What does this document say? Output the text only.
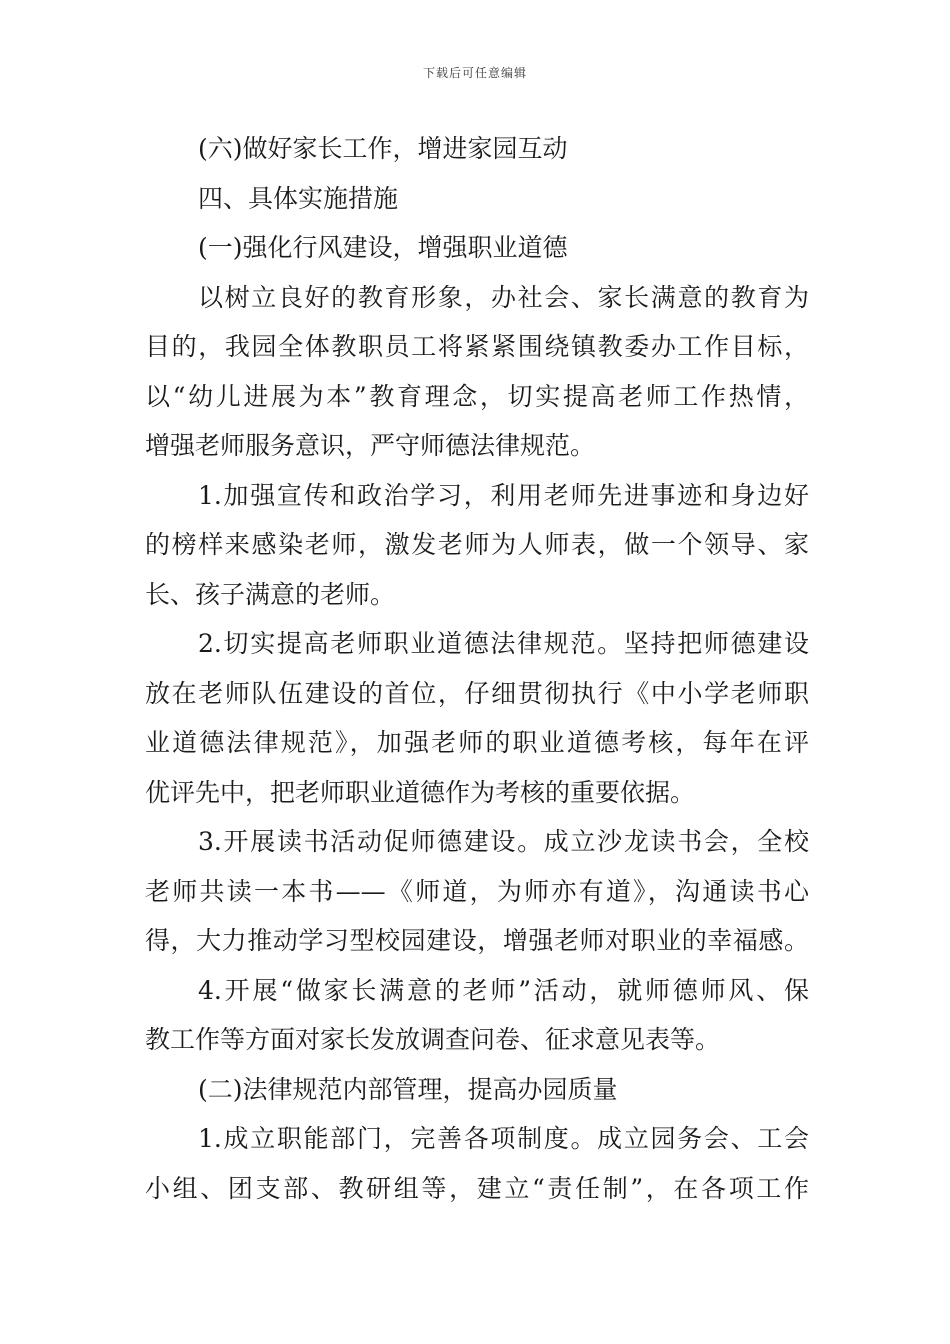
下载后可任意编辑
(六)做好家长工作，增进家园互动
四、具体实施措施
(一)强化行风建设，增强职业道德
以树立良好的教育形象，办社会、家长满意的教育为
目的，我园全体教职员工将紧紧围绕镇教委办工作目标，
以“幼儿进展为本”教育理念，切实提高老师工作热情，
增强老师服务意识，严守师德法律规范。
1.加强宣传和政治学习，利用老师先进事迹和身边好
的榜样来感染老师，激发老师为人师表，做一个领导、家
长、孩子满意的老师。
2.切实提高老师职业道德法律规范。坚持把师德建设
放在老师队伍建设的首位，仔细贯彻执行《中小学老师职
业道德法律规范》，加强老师的职业道德考核，每年在评
优评先中，把老师职业道德作为考核的重要依据。
3.开展读书活动促师德建设。成立沙龙读书会，全校
老师共读一本书——《师道，为师亦有道》，沟通读书心
得，大力推动学习型校园建设，增强老师对职业的幸福感。
4.开展“做家长满意的老师”活动，就师德师风、保
教工作等方面对家长发放调查问卷、征求意见表等。
(二)法律规范内部管理，提高办园质量
1.成立职能部门，完善各项制度。成立园务会、工会
小组、团支部、教研组等，建立“责任制”，在各项工作
